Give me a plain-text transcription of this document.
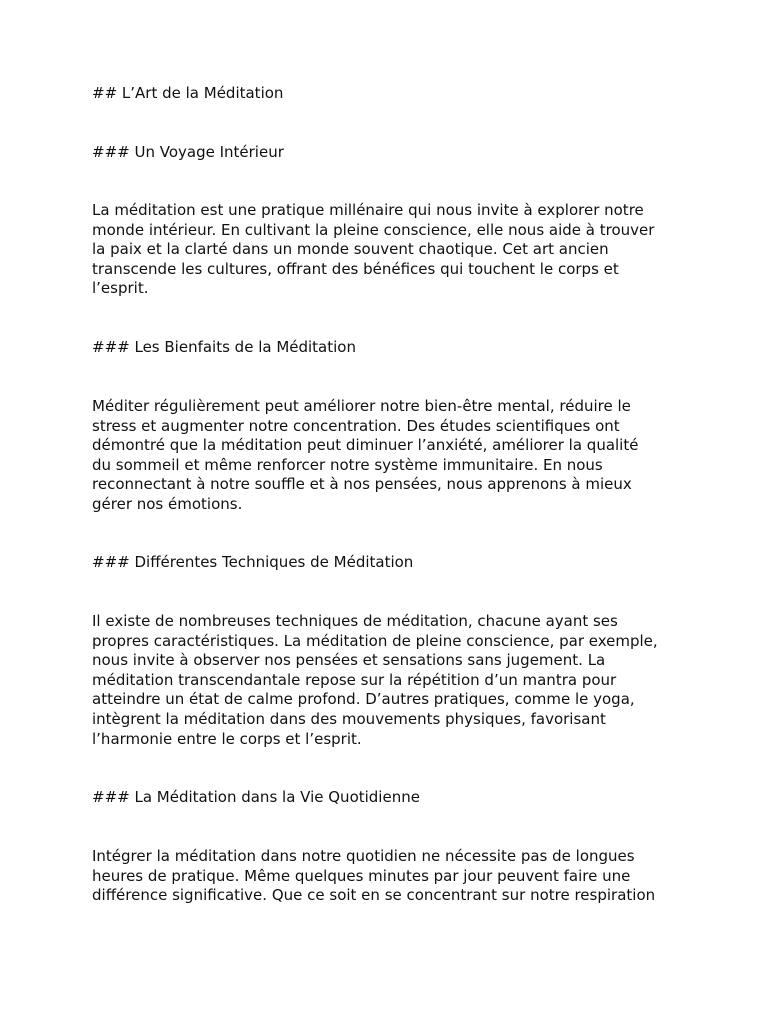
## L’Art de la Méditation

### Un Voyage Intérieur

La méditation est une pratique millénaire qui nous invite à explorer notre

monde intérieur. En cultivant la pleine conscience, elle nous aide à trouver

la paix et la clarté dans un monde souvent chaotique. Cet art ancien

transcende les cultures, offrant des bénéfices qui touchent le corps et

l’esprit.

### Les Bienfaits de la Méditation

Méditer régulièrement peut améliorer notre bien-être mental, réduire le

stress et augmenter notre concentration. Des études scientifiques ont

démontré que la méditation peut diminuer l’anxiété, améliorer la qualité

du sommeil et même renforcer notre système immunitaire. En nous

reconnectant à notre souffle et à nos pensées, nous apprenons à mieux

gérer nos émotions.

### Différentes Techniques de Méditation

Il existe de nombreuses techniques de méditation, chacune ayant ses

propres caractéristiques. La méditation de pleine conscience, par exemple,

nous invite à observer nos pensées et sensations sans jugement. La

méditation transcendantale repose sur la répétition d’un mantra pour

atteindre un état de calme profond. D’autres pratiques, comme le yoga,

intègrent la méditation dans des mouvements physiques, favorisant

l’harmonie entre le corps et l’esprit.

### La Méditation dans la Vie Quotidienne

Intégrer la méditation dans notre quotidien ne nécessite pas de longues

heures de pratique. Même quelques minutes par jour peuvent faire une

différence significative. Que ce soit en se concentrant sur notre respiration
